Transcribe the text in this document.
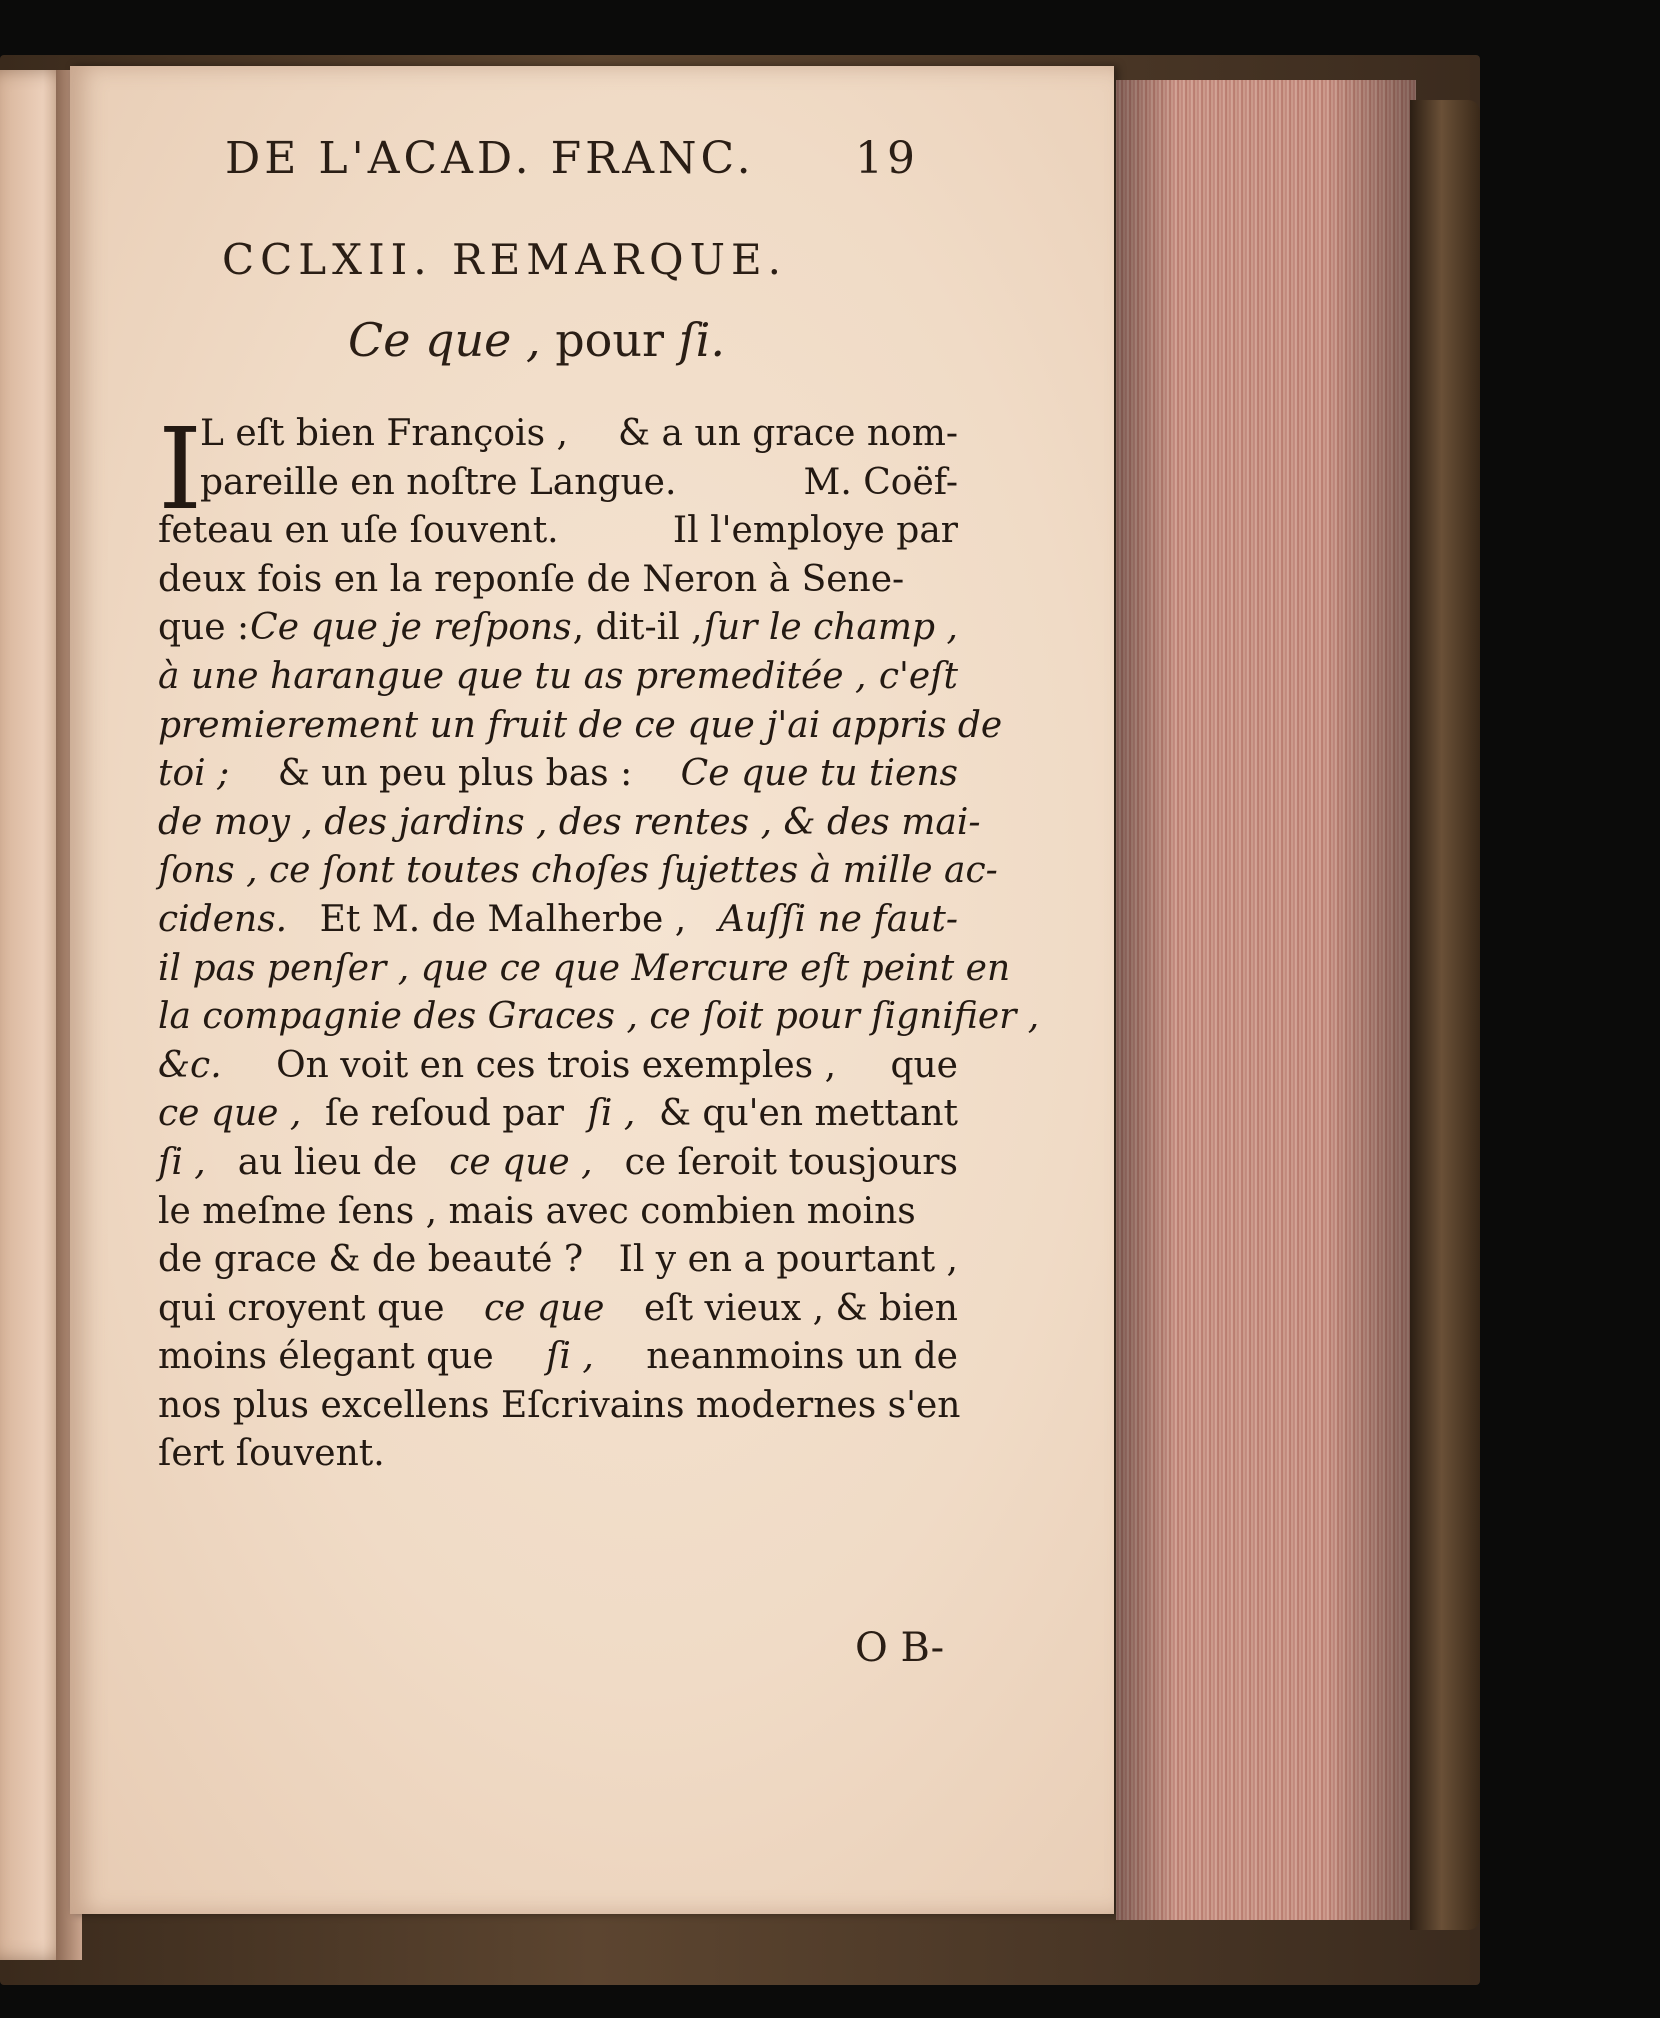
DE L'ACAD. FRANC. 19
CCLXII. REMARQUE.
Ce que , pour ſi.
I
L eſt bien François , & a un grace nom-
pareille en noſtre Langue.	M. Coëf-
feteau en uſe ſouvent.	Il l'employe par
deux fois en la reponſe de Neron à Sene-
que : Ce que je reſpons , dit-il , ſur le champ ,
à une harangue que tu as premeditée , c'eſt
premierement un fruit de ce que j'ai appris de
toi ; & un peu plus bas : Ce que tu tiens
de moy , des jardins , des rentes , & des mai-
ſons , ce ſont toutes choſes ſujettes à mille ac-
cidens. Et M. de Malherbe , Auſſi ne faut-
il pas penſer , que ce que Mercure eſt peint en
la compagnie des Graces , ce ſoit pour ſignifier ,
&c. On voit en ces trois exemples , que
ce que , ſe reſoud par ſi , & qu'en mettant
ſi , au lieu de ce que , ce ſeroit tousjours
le meſme ſens , mais avec combien moins
de grace & de beauté ? Il y en a pourtant ,
qui croyent que ce que eſt vieux , & bien
moins élegant que ſi , neanmoins un de
nos plus excellens Eſcrivains modernes s'en
ſert ſouvent.
O B-
